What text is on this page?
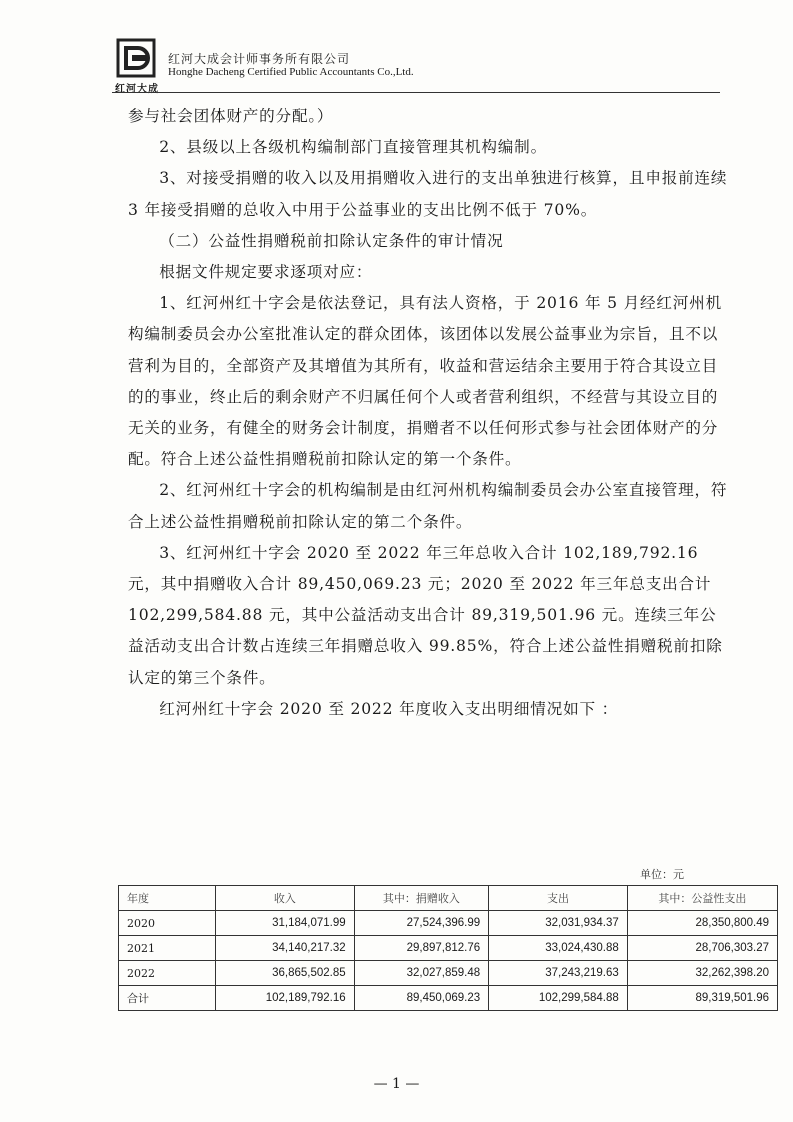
红河大成
红河大成会计师事务所有限公司
Honghe Dacheng Certified Public Accountants Co.,Ltd.

参与社会团体财产的分配。）

2、县级以上各级机构编制部门直接管理其机构编制。

3、对接受捐赠的收入以及用捐赠收入进行的支出单独进行核算，且申报前连续3 年接受捐赠的总收入中用于公益事业的支出比例不低于 70%。

（二）公益性捐赠税前扣除认定条件的审计情况

根据文件规定要求逐项对应：

1、红河州红十字会是依法登记，具有法人资格，于 2016 年 5 月经红河州机构编制委员会办公室批准认定的群众团体，该团体以发展公益事业为宗旨，且不以营利为目的，全部资产及其增值为其所有，收益和营运结余主要用于符合其设立目的的事业，终止后的剩余财产不归属任何个人或者营利组织，不经营与其设立目的无关的业务，有健全的财务会计制度，捐赠者不以任何形式参与社会团体财产的分配。符合上述公益性捐赠税前扣除认定的第一个条件。

2、红河州红十字会的机构编制是由红河州机构编制委员会办公室直接管理，符合上述公益性捐赠税前扣除认定的第二个条件。

3、红河州红十字会 2020 至 2022 年三年总收入合计 102,189,792.16 元，其中捐赠收入合计 89,450,069.23 元；2020 至 2022 年三年总支出合计 102,299,584.88 元，其中公益活动支出合计 89,319,501.96 元。连续三年公益活动支出合计数占连续三年捐赠总收入 99.85%，符合上述公益性捐赠税前扣除认定的第三个条件。

红河州红十字会 2020 至 2022 年度收入支出明细情况如下 ：

单位：元
年度	收入	其中：捐赠收入	支出	其中：公益性支出
2020	31,184,071.99	27,524,396.99	32,031,934.37	28,350,800.49
2021	34,140,217.32	29,897,812.76	33,024,430.88	28,706,303.27
2022	36,865,502.85	32,027,859.48	37,243,219.63	32,262,398.20
合计	102,189,792.16	89,450,069.23	102,299,584.88	89,319,501.96
— 1 —
